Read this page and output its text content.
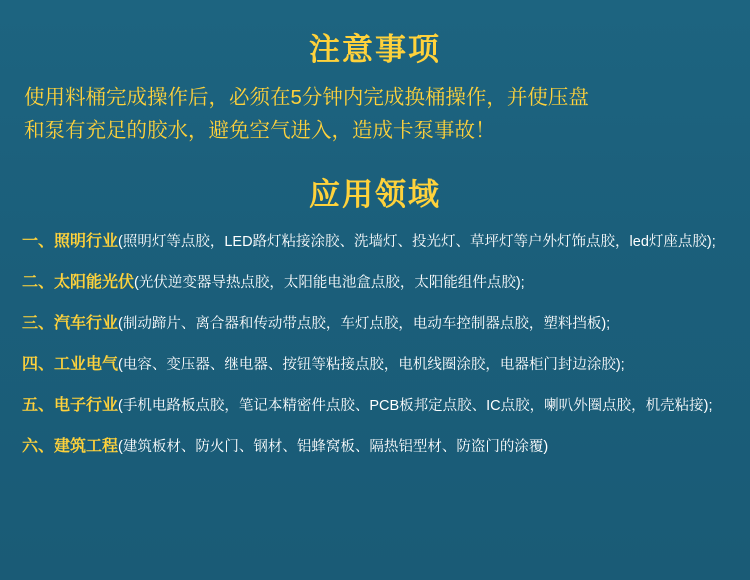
注意事项
使用料桶完成操作后，必须在5分钟内完成换桶操作，并使压盘
和泵有充足的胶水，避免空气进入，造成卡泵事故！
应用领域

一、照明行业(照明灯等点胶，LED路灯粘接涂胶、洗墙灯、投光灯、草坪灯等户外灯饰点胶，led灯座点胶);

二、太阳能光伏(光伏逆变器导热点胶，太阳能电池盒点胶，太阳能组件点胶);

三、汽车行业(制动蹄片、离合器和传动带点胶，车灯点胶，电动车控制器点胶，塑料挡板);

四、工业电气(电容、变压器、继电器、按钮等粘接点胶，电机线圈涂胶，电器柜门封边涂胶);

五、电子行业(手机电路板点胶，笔记本精密件点胶、PCB板邦定点胶、IC点胶，喇叭外圈点胶，机壳粘接);

六、建筑工程(建筑板材、防火门、钢材、铝蜂窝板、隔热铝型材、防盗门的涂覆)
